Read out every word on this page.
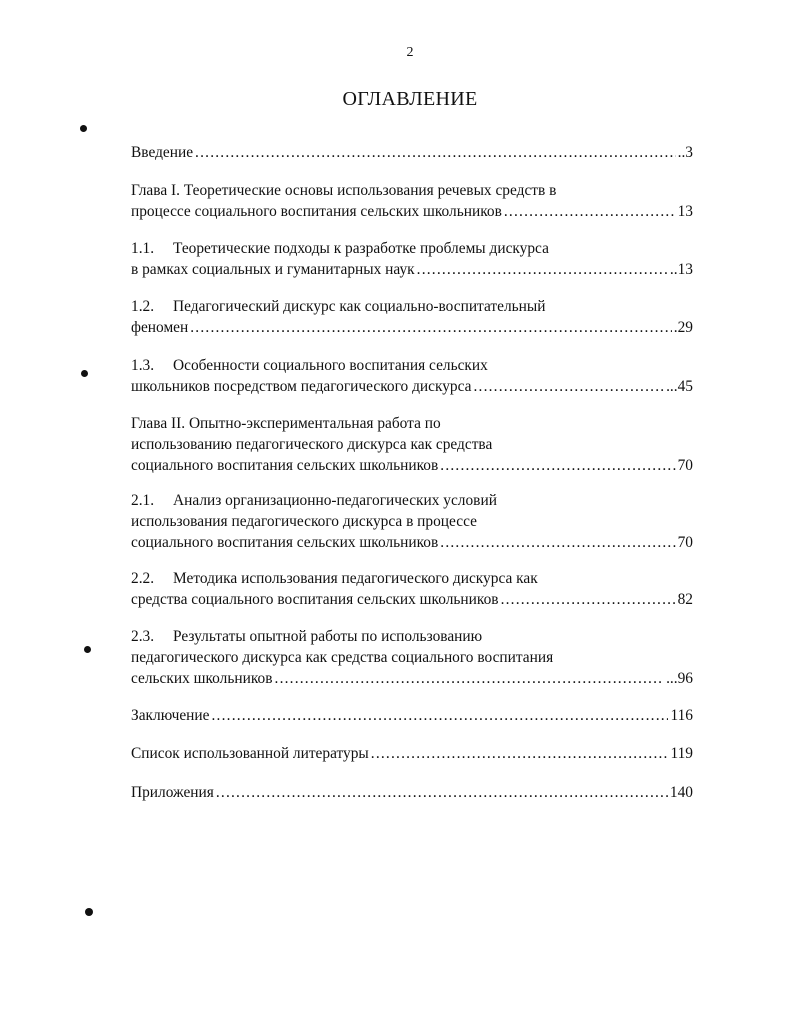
2
ОГЛАВЛЕНИЕ
Введение .....	..3
Глава I. Теоретические основы использования речевых средств в
процессе социального воспитания сельских школьников .....	13
1.1. Теоретические подходы к разработке проблемы дискурса
в рамках социальных и гуманитарных наук .....	..13
1.2. Педагогический дискурс как социально-воспитательный
феномен .....	.29
1.3. Особенности социального воспитания сельских
школьников посредством педагогического дискурса .....	...45
Глава II. Опытно-экспериментальная работа по
использованию педагогического дискурса как средства
социального воспитания сельских школьников .....	70
2.1. Анализ организационно-педагогических условий
использования педагогического дискурса в процессе
социального воспитания сельских школьников .....	70
2.2. Методика использования педагогического дискурса как
средства социального воспитания сельских школьников .....	82
2.3. Результаты опытной работы по использованию
педагогического дискурса как средства социального воспитания
сельских школьников .....	...96
Заключение .....	116
Список использованной литературы .....	119
Приложения .....	140
